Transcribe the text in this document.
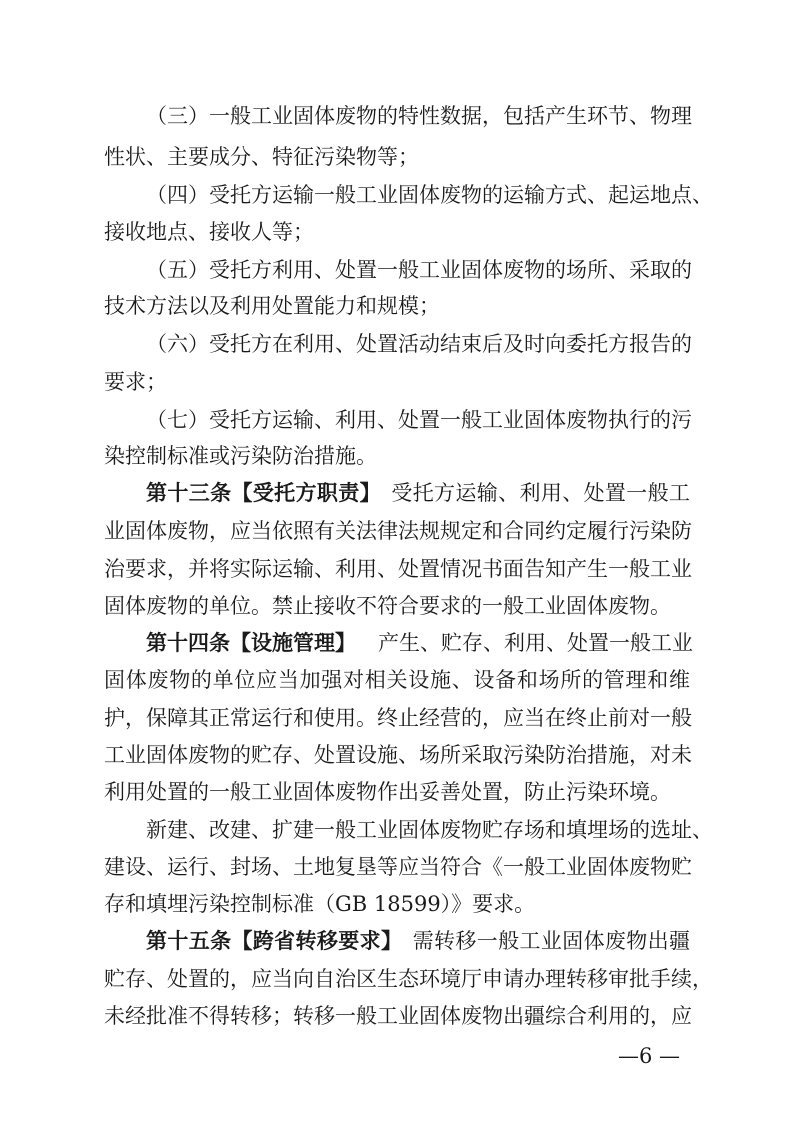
（三）一般工业固体废物的特性数据，包括产生环节、物理
性状、主要成分、特征污染物等；
（四）受托方运输一般工业固体废物的运输方式、起运地点、
接收地点、接收人等；
（五）受托方利用、处置一般工业固体废物的场所、采取的
技术方法以及利用处置能力和规模；
（六）受托方在利用、处置活动结束后及时向委托方报告的
要求；
（七）受托方运输、利用、处置一般工业固体废物执行的污
染控制标准或污染防治措施。
第十三条【受托方职责】 受托方运输、利用、处置一般工
业固体废物，应当依照有关法律法规规定和合同约定履行污染防
治要求，并将实际运输、利用、处置情况书面告知产生一般工业
固体废物的单位。禁止接收不符合要求的一般工业固体废物。
第十四条【设施管理】 产生、贮存、利用、处置一般工业
固体废物的单位应当加强对相关设施、设备和场所的管理和维
护，保障其正常运行和使用。终止经营的，应当在终止前对一般
工业固体废物的贮存、处置设施、场所采取污染防治措施，对未
利用处置的一般工业固体废物作出妥善处置，防止污染环境。
新建、改建、扩建一般工业固体废物贮存场和填埋场的选址、
建设、运行、封场、土地复垦等应当符合《一般工业固体废物贮
存和填埋污染控制标准（GB 18599）》要求。
第十五条【跨省转移要求】 需转移一般工业固体废物出疆
贮存、处置的，应当向自治区生态环境厅申请办理转移审批手续，
未经批准不得转移；转移一般工业固体废物出疆综合利用的，应
—6 —
